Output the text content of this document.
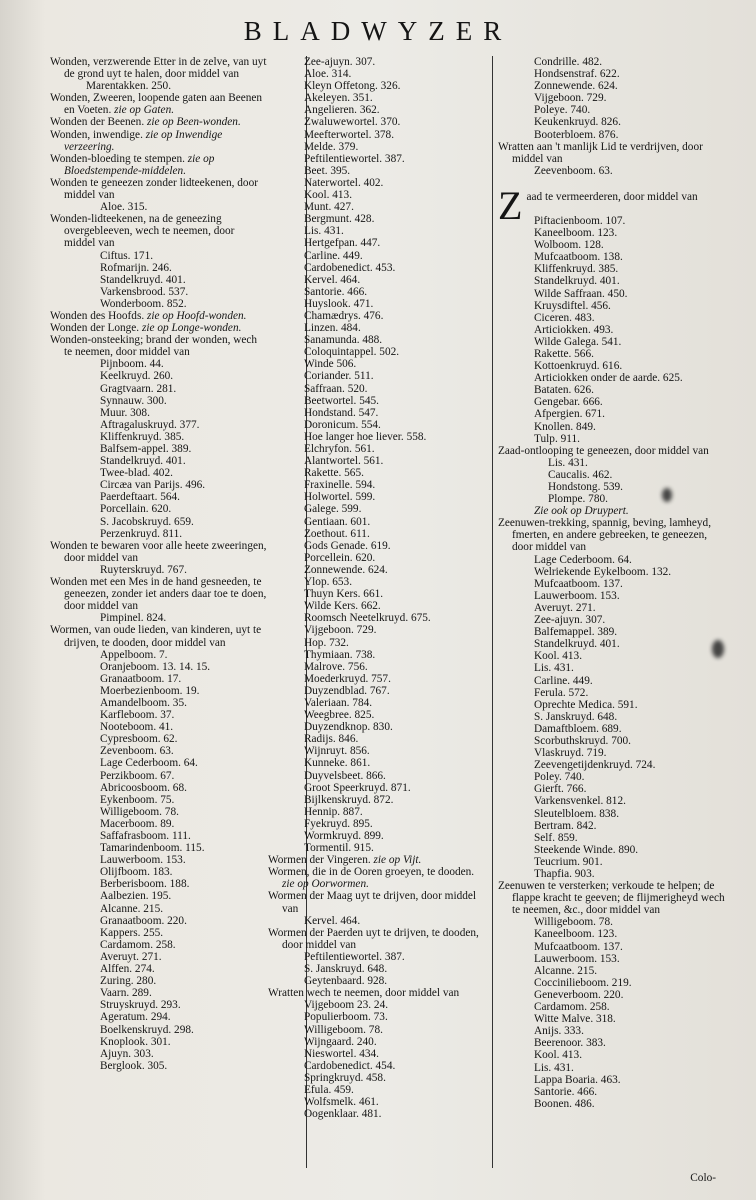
BLADWYZER
Wonden, verzwerende Etter in de zelve, van uyt de grond uyt te halen, door middel van
Marentakken. 250.
Wonden, Zweeren, loopende gaten aan Beenen en Voeten. zie op Gaten.
Wonden der Beenen. zie op Been-wonden.
Wonden, inwendige. zie op Inwendige verzeering.
Wonden-bloeding te stempen. zie op Bloedstempende-middelen.
Wonden te geneezen zonder lidteekenen, door middel van
Aloe. 315.
Wonden-lidteekenen, na de geneezing overgebleeven, wech te neemen, door middel van
Ciftus. 171.
Rofmarijn. 246.
Standelkruyd. 401.
Varkensbrood. 537.
Wonderboom. 852.
Wonden des Hoofds. zie op Hoofd-wonden.
Wonden der Longe. zie op Longe-wonden.
Wonden-onsteeking; brand der wonden, wech te neemen, door middel van
Pijnboom. 44.
Keelkruyd. 260.
Gragtvaarn. 281.
Synnauw. 300.
Muur. 308.
Aftragaluskruyd. 377.
Kliffenkruyd. 385.
Balfsem-appel. 389.
Standelkruyd. 401.
Twee-blad. 402.
Circæa van Parijs. 496.
Paerdeftaart. 564.
Porcellain. 620.
S. Jacobskruyd. 659.
Perzenkruyd. 811.
Wonden te bewaren voor alle heete zweeringen, door middel van
Ruyterskruyd. 767.
Wonden met een Mes in de hand gesneeden, te geneezen, zonder iet anders daar toe te doen, door middel van
Pimpinel. 824.
Wormen, van oude lieden, van kinderen, uyt te drijven, te dooden, door middel van
Appelboom. 7.
Oranjeboom. 13. 14. 15.
Granaatboom. 17.
Moerbezienboom. 19.
Amandelboom. 35.
Karfleboom. 37.
Nooteboom. 41.
Cypresboom. 62.
Zevenboom. 63.
Lage Cederboom. 64.
Perzikboom. 67.
Abricoosboom. 68.
Eykenboom. 75.
Willigeboom. 78.
Macerboom. 89.
Saffafrasboom. 111.
Tamarindenboom. 115.
Lauwerboom. 153.
Olijfboom. 183.
Berberisboom. 188.
Aalbezien. 195.
Alcanne. 215.
Granaatboom. 220.
Kappers. 255.
Cardamom. 258.
Averuyt. 271.
Alffen. 274.
Zuring. 280.
Vaarn. 289.
Struyskruyd. 293.
Ageratum. 294.
Boelkenskruyd. 298.
Knoplook. 301.
Ajuyn. 303.
Berglook. 305.
Zee-ajuyn. 307.
Aloe. 314.
Kleyn Offetong. 326.
Akeleyen. 351.
Angelieren. 362.
Zwaluwewortel. 370.
Meefterwortel. 378.
Melde. 379.
Peftilentiewortel. 387.
Beet. 395.
Naterwortel. 402.
Kool. 413.
Munt. 427.
Bergmunt. 428.
Lis. 431.
Hertgefpan. 447.
Carline. 449.
Cardobenedict. 453.
Kervel. 464.
Santorie. 466.
Huyslook. 471.
Chamædrys. 476.
Linzen. 484.
Sanamunda. 488.
Coloquintappel. 502.
Winde 506.
Coriander. 511.
Saffraan. 520.
Beetwortel. 545.
Hondstand. 547.
Doronicum. 554.
Hoe langer hoe liever. 558.
Elchryfon. 561.
Alantwortel. 561.
Rakette. 565.
Fraxinelle. 594.
Holwortel. 599.
Galege. 599.
Gentiaan. 601.
Zoethout. 611.
Gods Genade. 619.
Porcellein. 620.
Zonnewende. 624.
Ylop. 653.
Thuyn Kers. 661.
Wilde Kers. 662.
Roomsch Neetelkruyd. 675.
Vijgeboon. 729.
Hop. 732.
Thymiaan. 738.
Malrove. 756.
Moederkruyd. 757.
Duyzendblad. 767.
Valeriaan. 784.
Weegbree. 825.
Duyzendknop. 830.
Radijs. 846.
Wijnruyt. 856.
Kunneke. 861.
Duyvelsbeet. 866.
Groot Speerkruyd. 871.
Bijlkenskruyd. 872.
Hennip. 887.
Fyekruyd. 895.
Wormkruyd. 899.
Tormentil. 915.
Wormen der Vingeren. zie op Vijt.
Wormen, die in de Ooren groeyen, te dooden. zie op Oorwormen.
Wormen der Maag uyt te drijven, door middel van
Kervel. 464.
Wormen der Paerden uyt te drijven, te dooden, door middel van
Peftilentiewortel. 387.
S. Janskruyd. 648.
Geytenbaard. 928.
Wratten wech te neemen, door middel van
Vijgeboom 23. 24.
Populierboom. 73.
Willigeboom. 78.
Wijngaard. 240.
Nieswortel. 434.
Cardobenedict. 454.
Springkruyd. 458.
Efula. 459.
Wolfsmelk. 461.
Oogenklaar. 481.
Condrille. 482.
Hondsenstraf. 622.
Zonnewende. 624.
Vijgeboon. 729.
Poleye. 740.
Keukenkruyd. 826.
Booterbloem. 876.
Wratten aan 't manlijk Lid te verdrijven, door middel van
Zeevenboom. 63.
Zaad te vermeerderen, door middel van
Piftacienboom. 107.
Kaneelboom. 123.
Wolboom. 128.
Mufcaatboom. 138.
Kliffenkruyd. 385.
Standelkruyd. 401.
Wilde Saffraan. 450.
Kruysdiftel. 456.
Ciceren. 483.
Articiokken. 493.
Wilde Galega. 541.
Rakette. 566.
Kottoenkruyd. 616.
Articiokken onder de aarde. 625.
Bataten. 626.
Gengebar. 666.
Afpergien. 671.
Knollen. 849.
Tulp. 911.
Zaad-ontlooping te geneezen, door middel van
Lis. 431.
Caucalis. 462.
Hondstong. 539.
Plompe. 780.
Zie ook op Druypert.
Zeenuwen-trekking, spannig, beving, lamheyd, fmerten, en andere gebreeken, te geneezen, door middel van
Lage Cederboom. 64.
Welriekende Eykelboom. 132.
Mufcaatboom. 137.
Lauwerboom. 153.
Averuyt. 271.
Zee-ajuyn. 307.
Balfemappel. 389.
Standelkruyd. 401.
Kool. 413.
Lis. 431.
Carline. 449.
Ferula. 572.
Oprechte Medica. 591.
S. Janskruyd. 648.
Damaftbloem. 689.
Scorbuthskruyd. 700.
Vlaskruyd. 719.
Zeevengetijdenkruyd. 724.
Poley. 740.
Gierft. 766.
Varkensvenkel. 812.
Sleutelbloem. 838.
Bertram. 842.
Self. 859.
Steekende Winde. 890.
Teucrium. 901.
Thapfia. 903.
Zeenuwen te versterken; verkoude te helpen; de flappe kracht te geeven; de flijmerigheyd wech te neemen, &c., door middel van
Willigeboom. 78.
Kaneelboom. 123.
Mufcaatboom. 137.
Lauwerboom. 153.
Alcanne. 215.
Coccinilieboom. 219.
Geneverboom. 220.
Cardamom. 258.
Witte Malve. 318.
Anijs. 333.
Beerenoor. 383.
Kool. 413.
Lis. 431.
Lappa Boaria. 463.
Santorie. 466.
Boonen. 486.
Colo-
